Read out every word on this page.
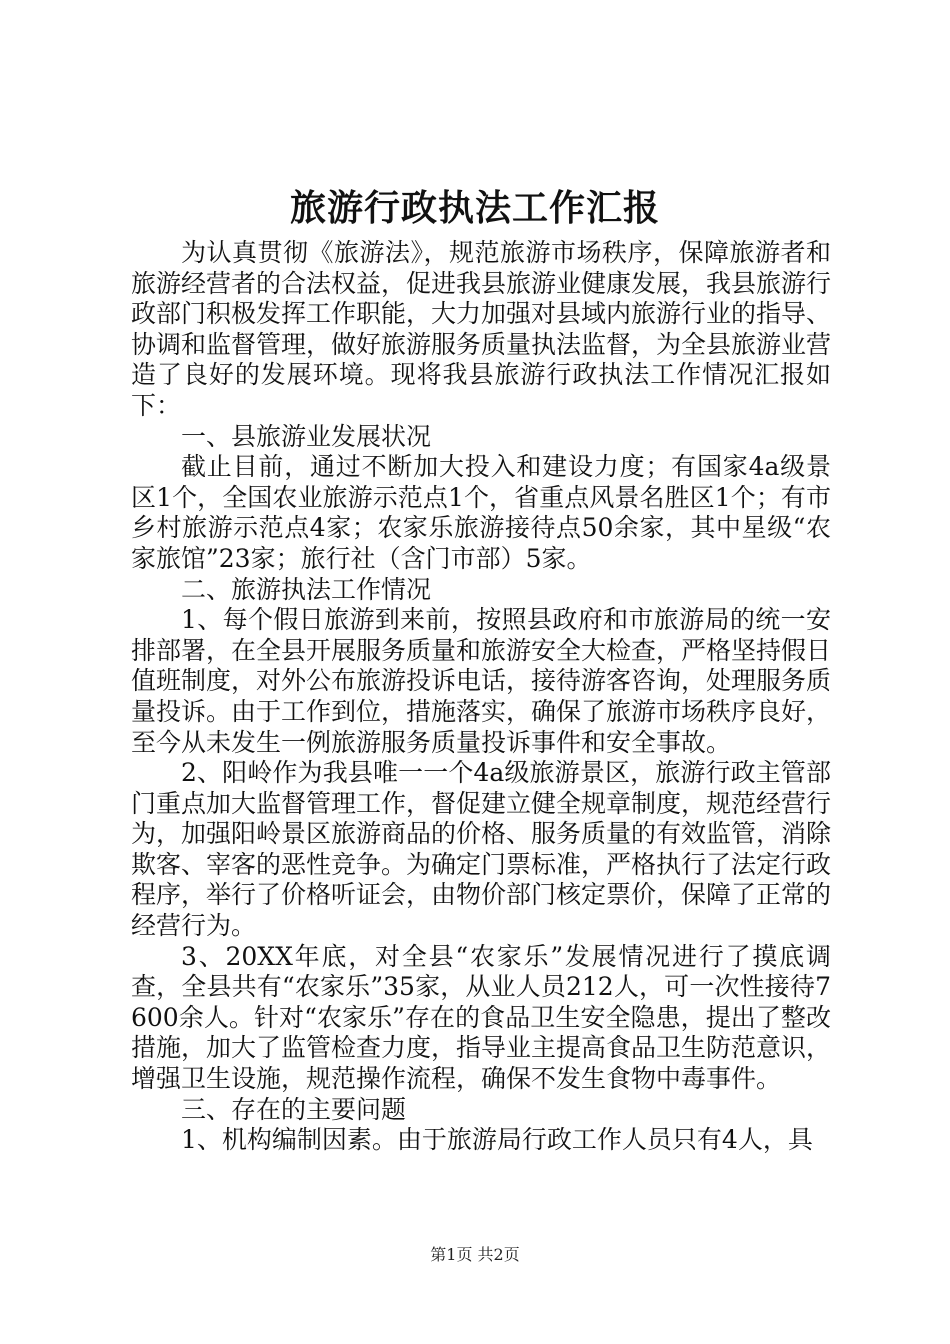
旅游行政执法工作汇报

为认真贯彻《旅游法》，规范旅游市场秩序，保障旅游者和旅游经营者的合法权益，促进我县旅游业健康发展，我县旅游行政部门积极发挥工作职能，大力加强对县域内旅游行业的指导、协调和监督管理，做好旅游服务质量执法监督，为全县旅游业营造了良好的发展环境。现将我县旅游行政执法工作情况汇报如下：

一、县旅游业发展状况

截止目前，通过不断加大投入和建设力度；有国家4a级景区1个，全国农业旅游示范点1个，省重点风景名胜区1个；有市乡村旅游示范点4家；农家乐旅游接待点50余家，其中星级“农家旅馆”23家；旅行社（含门市部）5家。

二、旅游执法工作情况

1、每个假日旅游到来前，按照县政府和市旅游局的统一安排部署，在全县开展服务质量和旅游安全大检查，严格坚持假日值班制度，对外公布旅游投诉电话，接待游客咨询，处理服务质量投诉。由于工作到位，措施落实，确保了旅游市场秩序良好，至今从未发生一例旅游服务质量投诉事件和安全事故。

2、阳岭作为我县唯一一个4a级旅游景区，旅游行政主管部门重点加大监督管理工作，督促建立健全规章制度，规范经营行为，加强阳岭景区旅游商品的价格、服务质量的有效监管，消除欺客、宰客的恶性竞争。为确定门票标准，严格执行了法定行政程序，举行了价格听证会，由物价部门核定票价，保障了正常的经营行为。

3、20XX年底，对全县“农家乐”发展情况进行了摸底调查，全县共有“农家乐”35家，从业人员212人，可一次性接待7600余人。针对“农家乐”存在的食品卫生安全隐患，提出了整改措施，加大了监管检查力度，指导业主提高食品卫生防范意识，增强卫生设施，规范操作流程，确保不发生食物中毒事件。

三、存在的主要问题

1、机构编制因素。由于旅游局行政工作人员只有4人，具

第1页 共2页
